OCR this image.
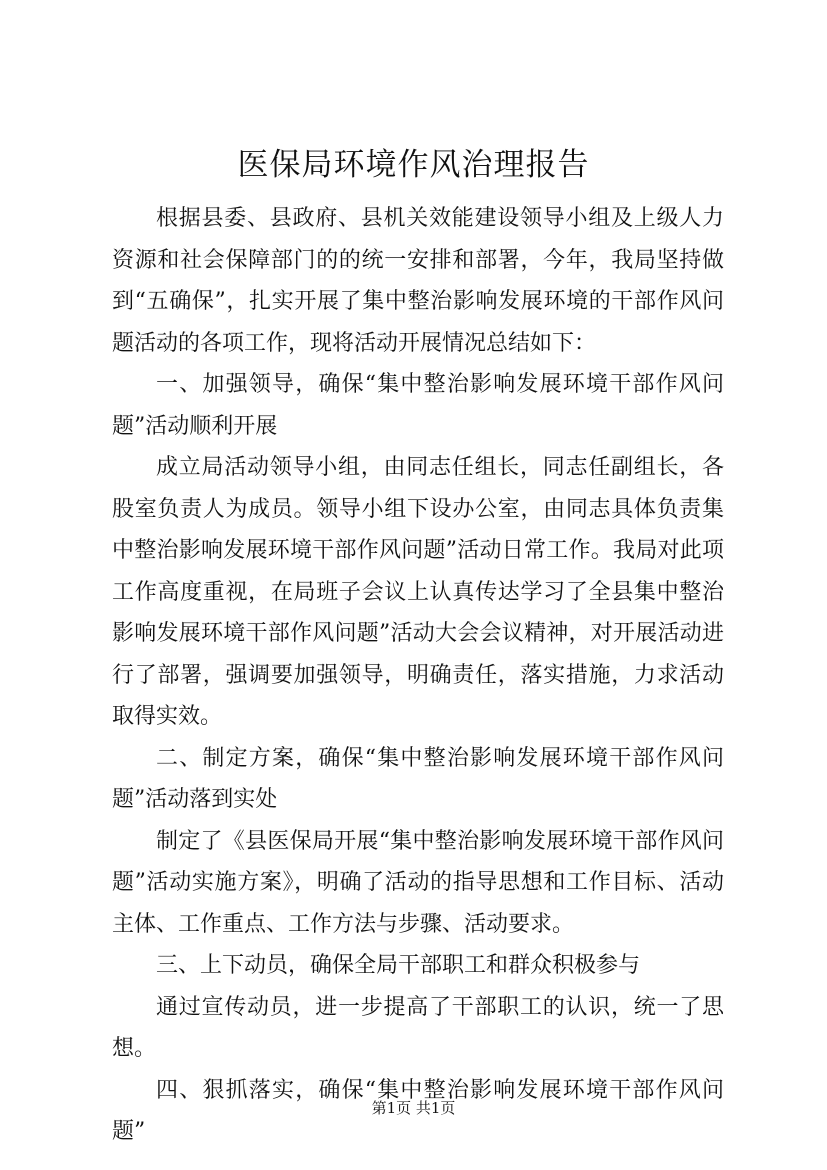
医保局环境作风治理报告

根据县委、县政府、县机关效能建设领导小组及上级人力资源和社会保障部门的的统一安排和部署，今年，我局坚持做到“五确保”，扎实开展了集中整治影响发展环境的干部作风问题活动的各项工作，现将活动开展情况总结如下：

一、加强领导，确保“集中整治影响发展环境干部作风问题”活动顺利开展

成立局活动领导小组，由同志任组长，同志任副组长，各股室负责人为成员。领导小组下设办公室，由同志具体负责集中整治影响发展环境干部作风问题”活动日常工作。我局对此项工作高度重视，在局班子会议上认真传达学习了全县集中整治影响发展环境干部作风问题”活动大会会议精神，对开展活动进行了部署，强调要加强领导，明确责任，落实措施，力求活动取得实效。

二、制定方案，确保“集中整治影响发展环境干部作风问题”活动落到实处

制定了《县医保局开展“集中整治影响发展环境干部作风问题”活动实施方案》，明确了活动的指导思想和工作目标、活动主体、工作重点、工作方法与步骤、活动要求。

三、上下动员，确保全局干部职工和群众积极参与

通过宣传动员，进一步提高了干部职工的认识，统一了思想。

四、狠抓落实，确保“集中整治影响发展环境干部作风问题”

第1页 共1页
